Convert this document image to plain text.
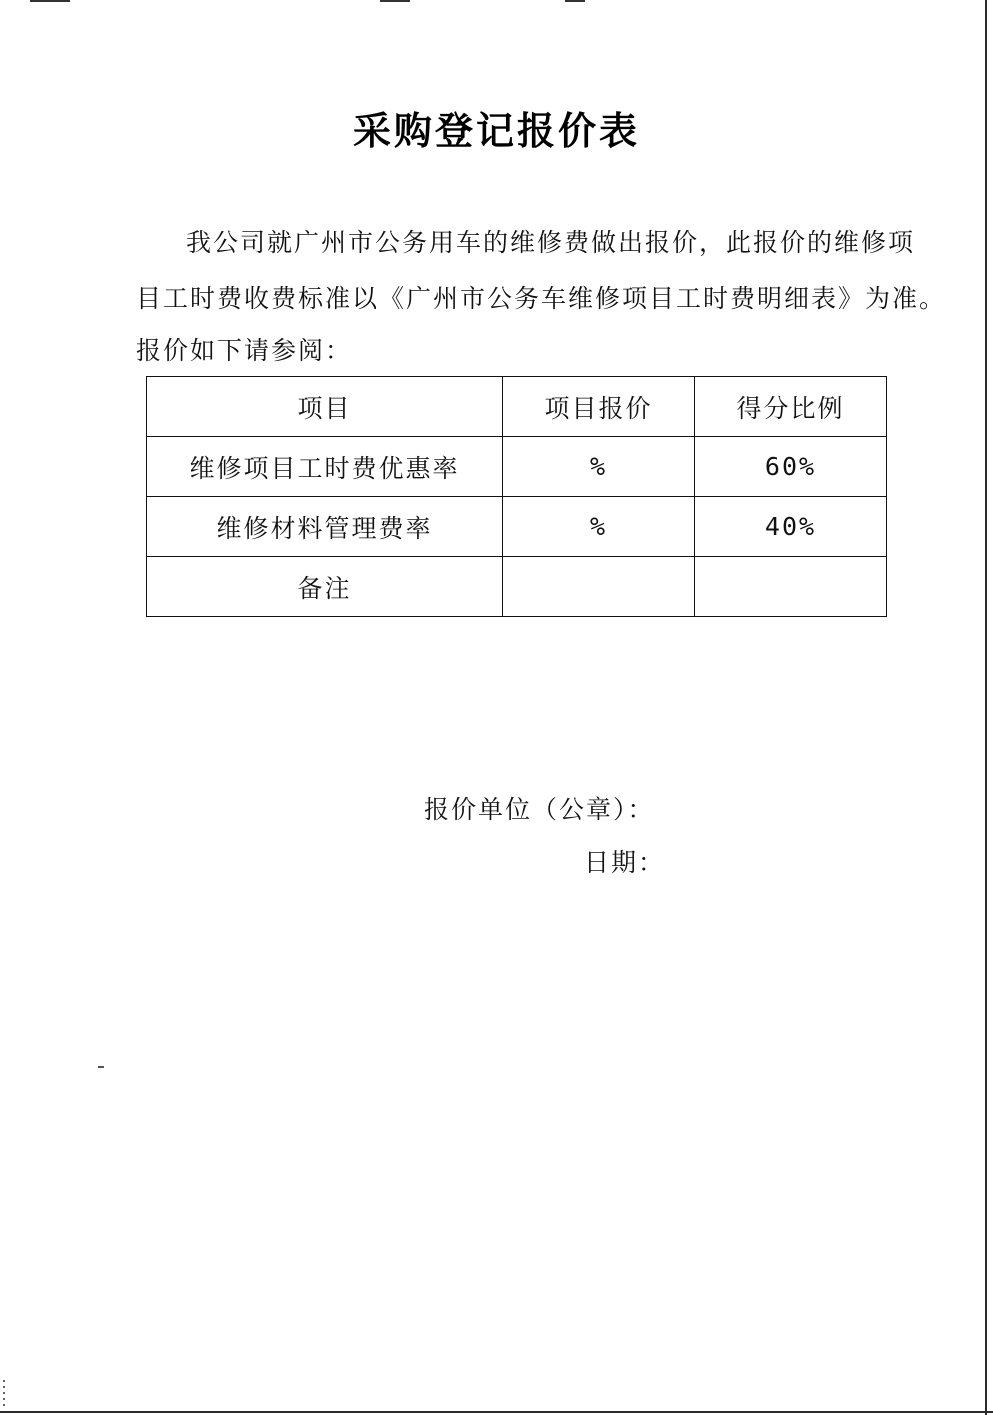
采购登记报价表
我公司就广州市公务用车的维修费做出报价，此报价的维修项
目工时费收费标准以《广州市公务车维修项目工时费明细表》为准。
报价如下请参阅：
项目	项目报价	得分比例
维修项目工时费优惠率	%	60%
维修材料管理费率	%	40%
备注		
报价单位（公章）：
日期：
